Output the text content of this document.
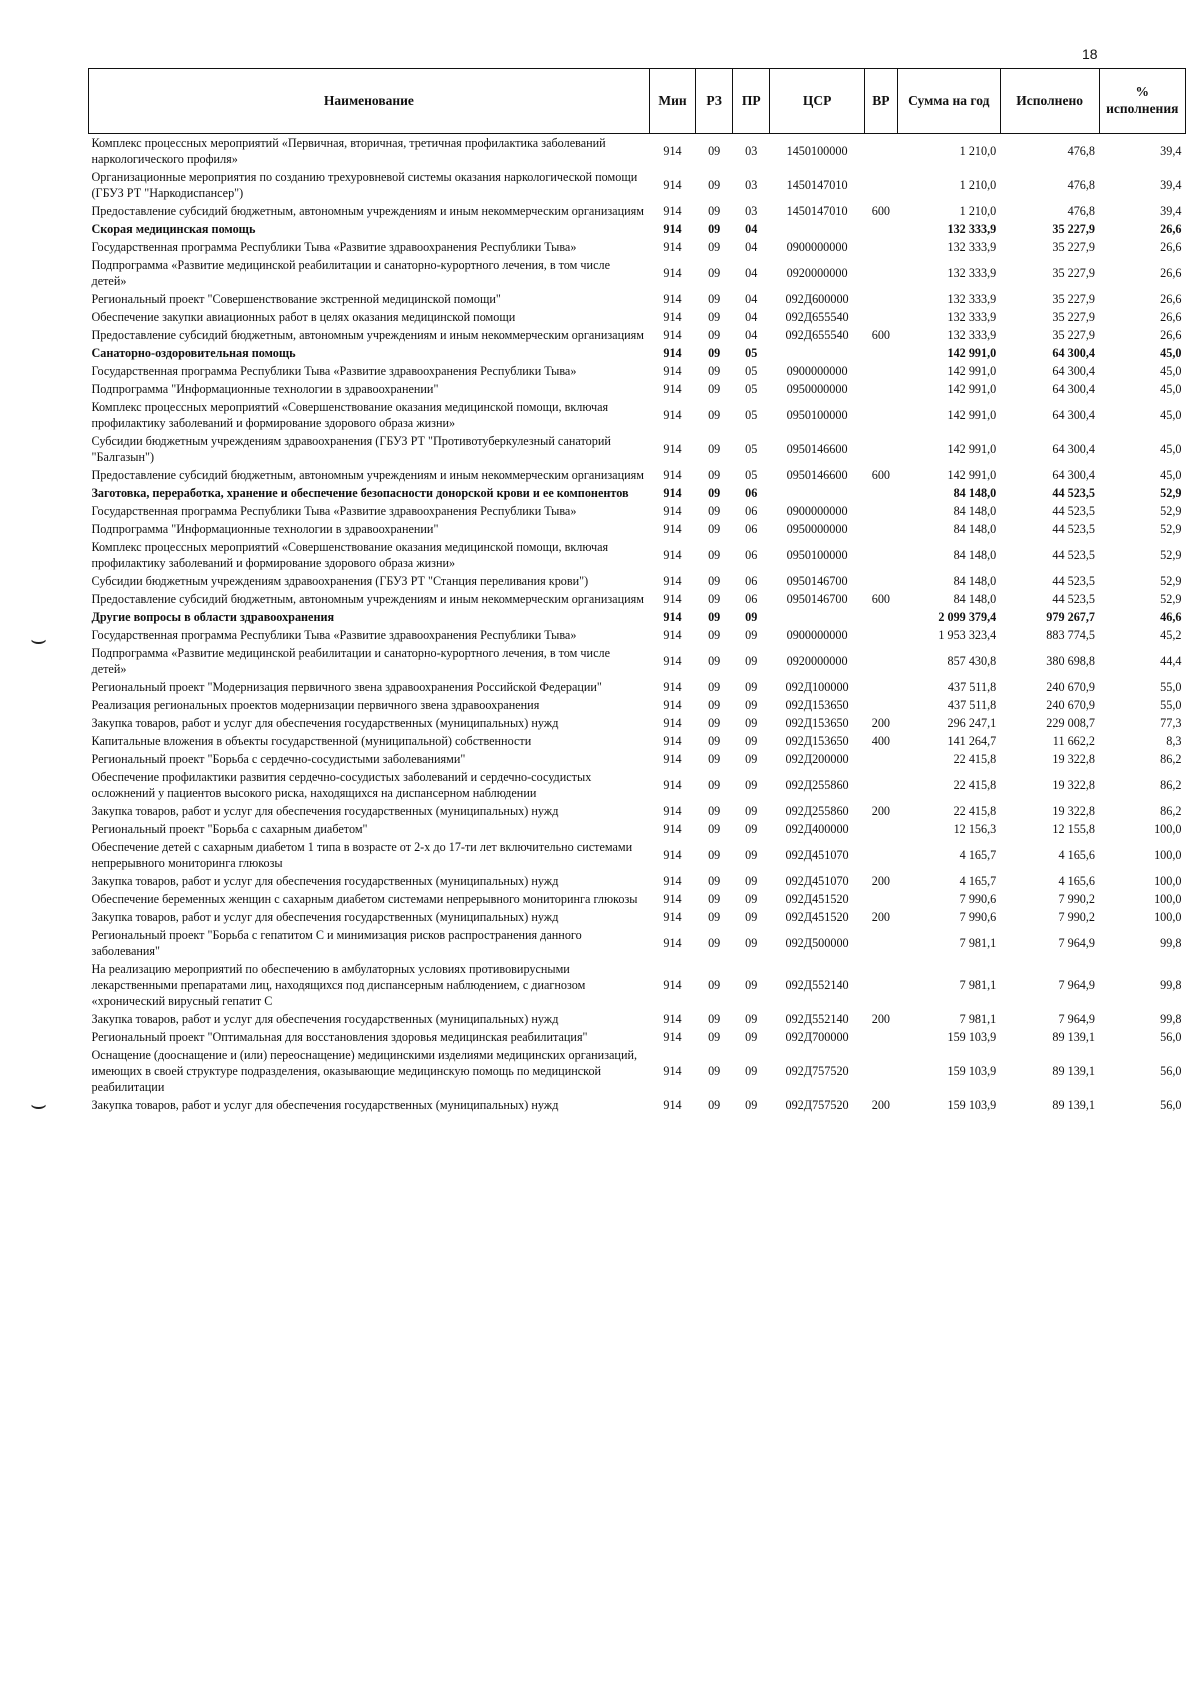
18
⌣
⌣
Наименование	Мин	РЗ	ПР	ЦСР	ВР	Сумма на год	Исполнено	% исполнения
Комплекс процессных мероприятий «Первичная, вторичная, третичная профилактика заболеваний наркологического профиля»	914	09	03	1450100000		1 210,0	476,8	39,4
Организационные мероприятия по созданию трехуровневой системы оказания наркологической помощи (ГБУЗ РТ "Наркодиспансер")	914	09	03	1450147010		1 210,0	476,8	39,4
Предоставление субсидий бюджетным, автономным учреждениям и иным некоммерческим организациям	914	09	03	1450147010	600	1 210,0	476,8	39,4
Скорая медицинская помощь	914	09	04			132 333,9	35 227,9	26,6
Государственная программа Республики Тыва «Развитие здравоохранения Республики Тыва»	914	09	04	0900000000		132 333,9	35 227,9	26,6
Подпрограмма «Развитие медицинской реабилитации и санаторно-курортного лечения, в том числе детей»	914	09	04	0920000000		132 333,9	35 227,9	26,6
Региональный проект "Совершенствование экстренной медицинской помощи"	914	09	04	092Д600000		132 333,9	35 227,9	26,6
Обеспечение закупки авиационных работ в целях оказания медицинской помощи	914	09	04	092Д655540		132 333,9	35 227,9	26,6
Предоставление субсидий бюджетным, автономным учреждениям и иным некоммерческим организациям	914	09	04	092Д655540	600	132 333,9	35 227,9	26,6
Санаторно-оздоровительная помощь	914	09	05			142 991,0	64 300,4	45,0
Государственная программа Республики Тыва «Развитие здравоохранения Республики Тыва»	914	09	05	0900000000		142 991,0	64 300,4	45,0
Подпрограмма "Информационные технологии в здравоохранении"	914	09	05	0950000000		142 991,0	64 300,4	45,0
Комплекс процессных мероприятий «Совершенствование оказания медицинской помощи, включая профилактику заболеваний и формирование здорового образа жизни»	914	09	05	0950100000		142 991,0	64 300,4	45,0
Субсидии бюджетным учреждениям здравоохранения (ГБУЗ РТ "Противотуберкулезный санаторий "Балгазын")	914	09	05	0950146600		142 991,0	64 300,4	45,0
Предоставление субсидий бюджетным, автономным учреждениям и иным некоммерческим организациям	914	09	05	0950146600	600	142 991,0	64 300,4	45,0
Заготовка, переработка, хранение и обеспечение безопасности донорской крови и ее компонентов	914	09	06			84 148,0	44 523,5	52,9
Государственная программа Республики Тыва «Развитие здравоохранения Республики Тыва»	914	09	06	0900000000		84 148,0	44 523,5	52,9
Подпрограмма "Информационные технологии в здравоохранении"	914	09	06	0950000000		84 148,0	44 523,5	52,9
Комплекс процессных мероприятий «Совершенствование оказания медицинской помощи, включая профилактику заболеваний и формирование здорового образа жизни»	914	09	06	0950100000		84 148,0	44 523,5	52,9
Субсидии бюджетным учреждениям здравоохранения (ГБУЗ РТ "Станция переливания крови")	914	09	06	0950146700		84 148,0	44 523,5	52,9
Предоставление субсидий бюджетным, автономным учреждениям и иным некоммерческим организациям	914	09	06	0950146700	600	84 148,0	44 523,5	52,9
Другие вопросы в области здравоохранения	914	09	09			2 099 379,4	979 267,7	46,6
Государственная программа Республики Тыва «Развитие здравоохранения Республики Тыва»	914	09	09	0900000000		1 953 323,4	883 774,5	45,2
Подпрограмма «Развитие медицинской реабилитации и санаторно-курортного лечения, в том числе детей»	914	09	09	0920000000		857 430,8	380 698,8	44,4
Региональный проект "Модернизация первичного звена здравоохранения Российской Федерации"	914	09	09	092Д100000		437 511,8	240 670,9	55,0
Реализация региональных проектов модернизации первичного звена здравоохранения	914	09	09	092Д153650		437 511,8	240 670,9	55,0
Закупка товаров, работ и услуг для обеспечения государственных (муниципальных) нужд	914	09	09	092Д153650	200	296 247,1	229 008,7	77,3
Капитальные вложения в объекты государственной (муниципальной) собственности	914	09	09	092Д153650	400	141 264,7	11 662,2	8,3
Региональный проект "Борьба с сердечно-сосудистыми заболеваниями"	914	09	09	092Д200000		22 415,8	19 322,8	86,2
Обеспечение профилактики развития сердечно-сосудистых заболеваний и сердечно-сосудистых осложнений у пациентов высокого риска, находящихся на диспансерном наблюдении	914	09	09	092Д255860		22 415,8	19 322,8	86,2
Закупка товаров, работ и услуг для обеспечения государственных (муниципальных) нужд	914	09	09	092Д255860	200	22 415,8	19 322,8	86,2
Региональный проект "Борьба с сахарным диабетом"	914	09	09	092Д400000		12 156,3	12 155,8	100,0
Обеспечение детей с сахарным диабетом 1 типа в возрасте от 2-х до 17-ти лет включительно системами непрерывного мониторинга глюкозы	914	09	09	092Д451070		4 165,7	4 165,6	100,0
Закупка товаров, работ и услуг для обеспечения государственных (муниципальных) нужд	914	09	09	092Д451070	200	4 165,7	4 165,6	100,0
Обеспечение беременных женщин с сахарным диабетом системами непрерывного мониторинга глюкозы	914	09	09	092Д451520		7 990,6	7 990,2	100,0
Закупка товаров, работ и услуг для обеспечения государственных (муниципальных) нужд	914	09	09	092Д451520	200	7 990,6	7 990,2	100,0
Региональный проект "Борьба с гепатитом С и минимизация рисков распространения данного заболевания"	914	09	09	092Д500000		7 981,1	7 964,9	99,8
На реализацию мероприятий по обеспечению в амбулаторных условиях противовирусными лекарственными препаратами лиц, находящихся под диспансерным наблюдением, с диагнозом «хронический вирусный гепатит С	914	09	09	092Д552140		7 981,1	7 964,9	99,8
Закупка товаров, работ и услуг для обеспечения государственных (муниципальных) нужд	914	09	09	092Д552140	200	7 981,1	7 964,9	99,8
Региональный проект "Оптимальная для восстановления здоровья медицинская реабилитация"	914	09	09	092Д700000		159 103,9	89 139,1	56,0
Оснащение (дооснащение и (или) переоснащение) медицинскими изделиями медицинских организаций, имеющих в своей структуре подразделения, оказывающие медицинскую помощь по медицинской реабилитации	914	09	09	092Д757520		159 103,9	89 139,1	56,0
Закупка товаров, работ и услуг для обеспечения государственных (муниципальных) нужд	914	09	09	092Д757520	200	159 103,9	89 139,1	56,0
